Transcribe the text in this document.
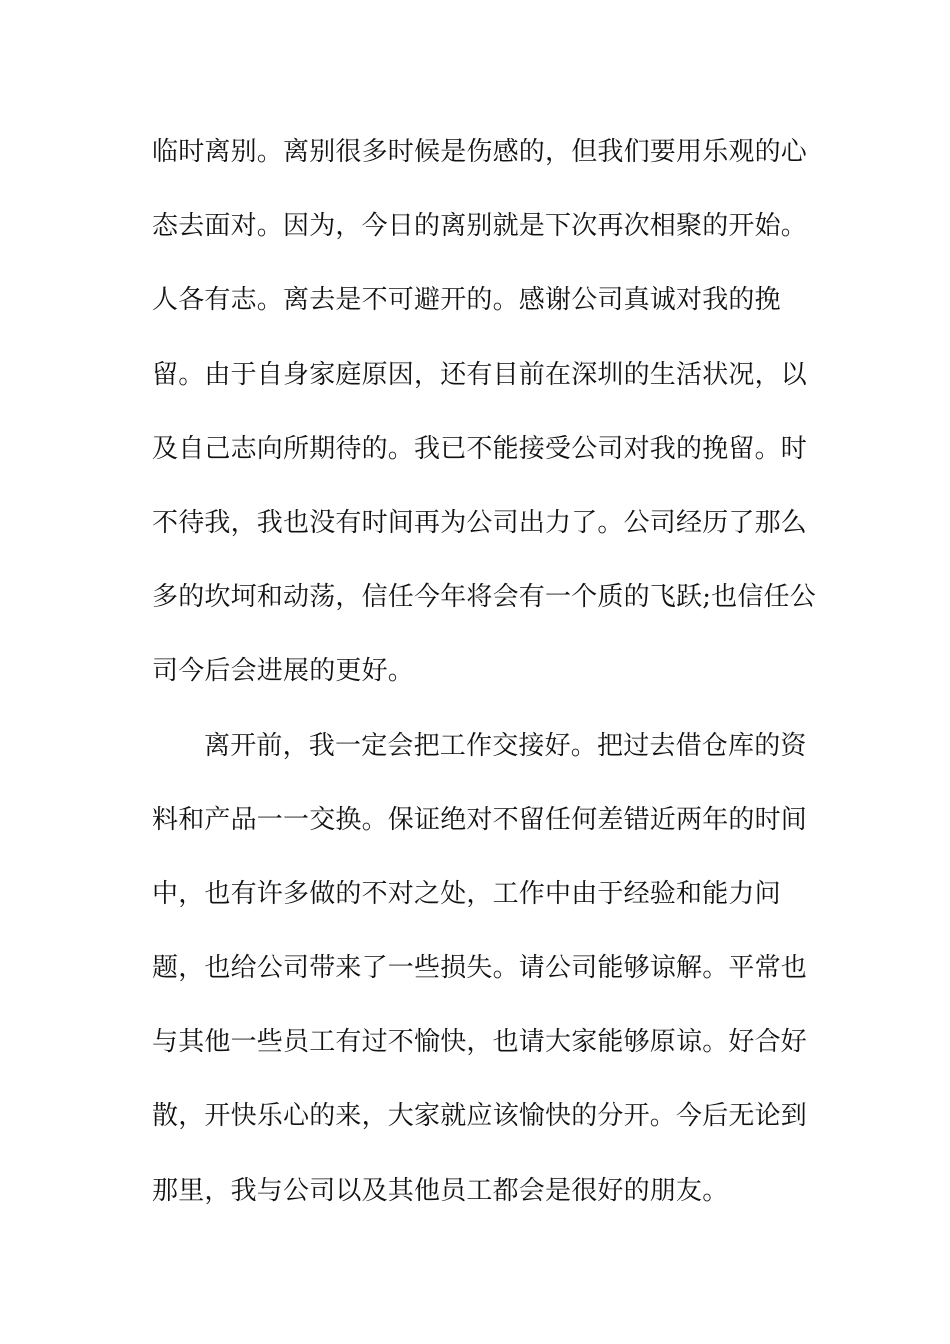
临时离别。离别很多时候是伤感的，但我们要用乐观的心
态去面对。因为，今日的离别就是下次再次相聚的开始。
人各有志。离去是不可避开的。感谢公司真诚对我的挽
留。由于自身家庭原因，还有目前在深圳的生活状况，以
及自己志向所期待的。我已不能接受公司对我的挽留。时
不待我，我也没有时间再为公司出力了。公司经历了那么
多的坎坷和动荡，信任今年将会有一个质的飞跃;也信任公
司今后会进展的更好。
离开前，我一定会把工作交接好。把过去借仓库的资
料和产品一一交换。保证绝对不留任何差错近两年的时间
中，也有许多做的不对之处，工作中由于经验和能力问
题，也给公司带来了一些损失。请公司能够谅解。平常也
与其他一些员工有过不愉快，也请大家能够原谅。好合好
散，开快乐心的来，大家就应该愉快的分开。今后无论到
那里，我与公司以及其他员工都会是很好的朋友。
